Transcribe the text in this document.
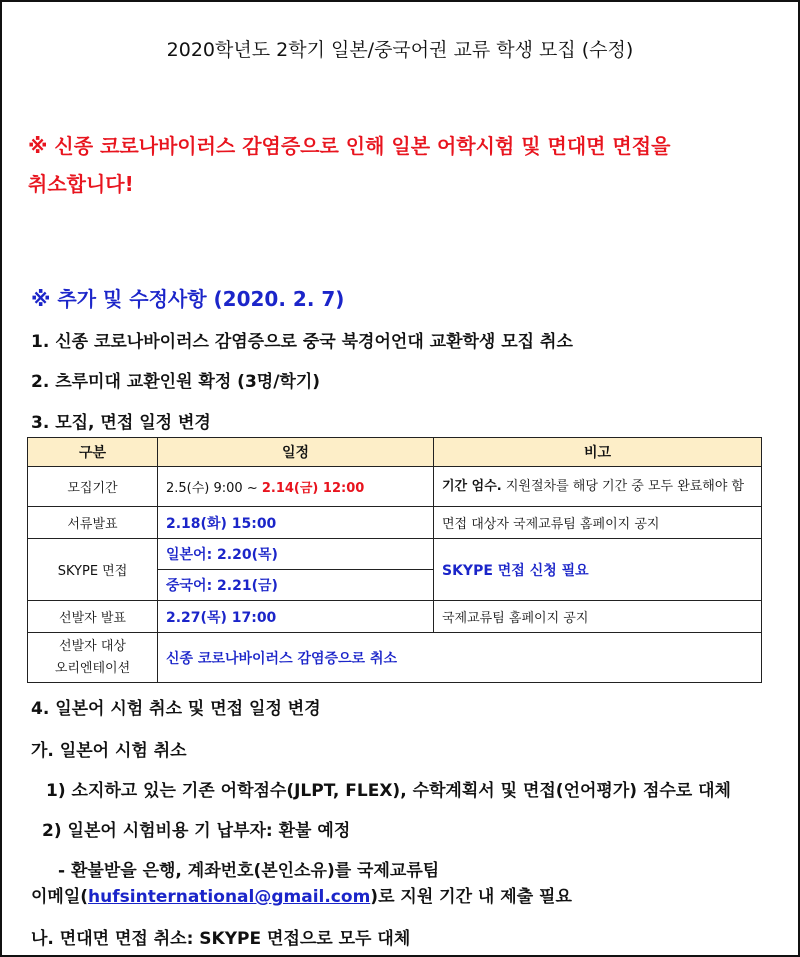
2020학년도 2학기 일본/중국어권 교류 학생 모집 (수정)
※ 신종 코로나바이러스 감염증으로 인해 일본 어학시험 및 면대면 면접을
취소합니다!
※ 추가 및 수정사항 (2020. 2. 7)
1. 신종 코로나바이러스 감염증으로 중국 북경어언대 교환학생 모집 취소
2. 츠루미대 교환인원 확정 (3명/학기)
3. 모집, 면접 일정 변경
구분	일정	비고
모집기간	2.5(수) 9:00 ~ 2.14(금) 12:00	기간 엄수. 지원절차를 해당 기간 중 모두 완료해야 함
서류발표	2.18(화) 15:00	면접 대상자 국제교류팀 홈페이지 공지
SKYPE 면접	일본어: 2.20(목)	SKYPE 면접 신청 필요
	중국어: 2.21(금)	
선발자 발표	2.27(목) 17:00	국제교류팀 홈페이지 공지

선발자 대상
오리엔테이션	신종 코로나바이러스 감염증으로 취소	
4. 일본어 시험 취소 및 면접 일정 변경
가. 일본어 시험 취소
1) 소지하고 있는 기존 어학점수(JLPT, FLEX), 수학계획서 및 면접(언어평가) 점수로 대체
2) 일본어 시험비용 기 납부자: 환불 예정
- 환불받을 은행, 계좌번호(본인소유)를 국제교류팀
이메일(hufsinternational@gmail.com)로 지원 기간 내 제출 필요
나. 면대면 면접 취소: SKYPE 면접으로 모두 대체
